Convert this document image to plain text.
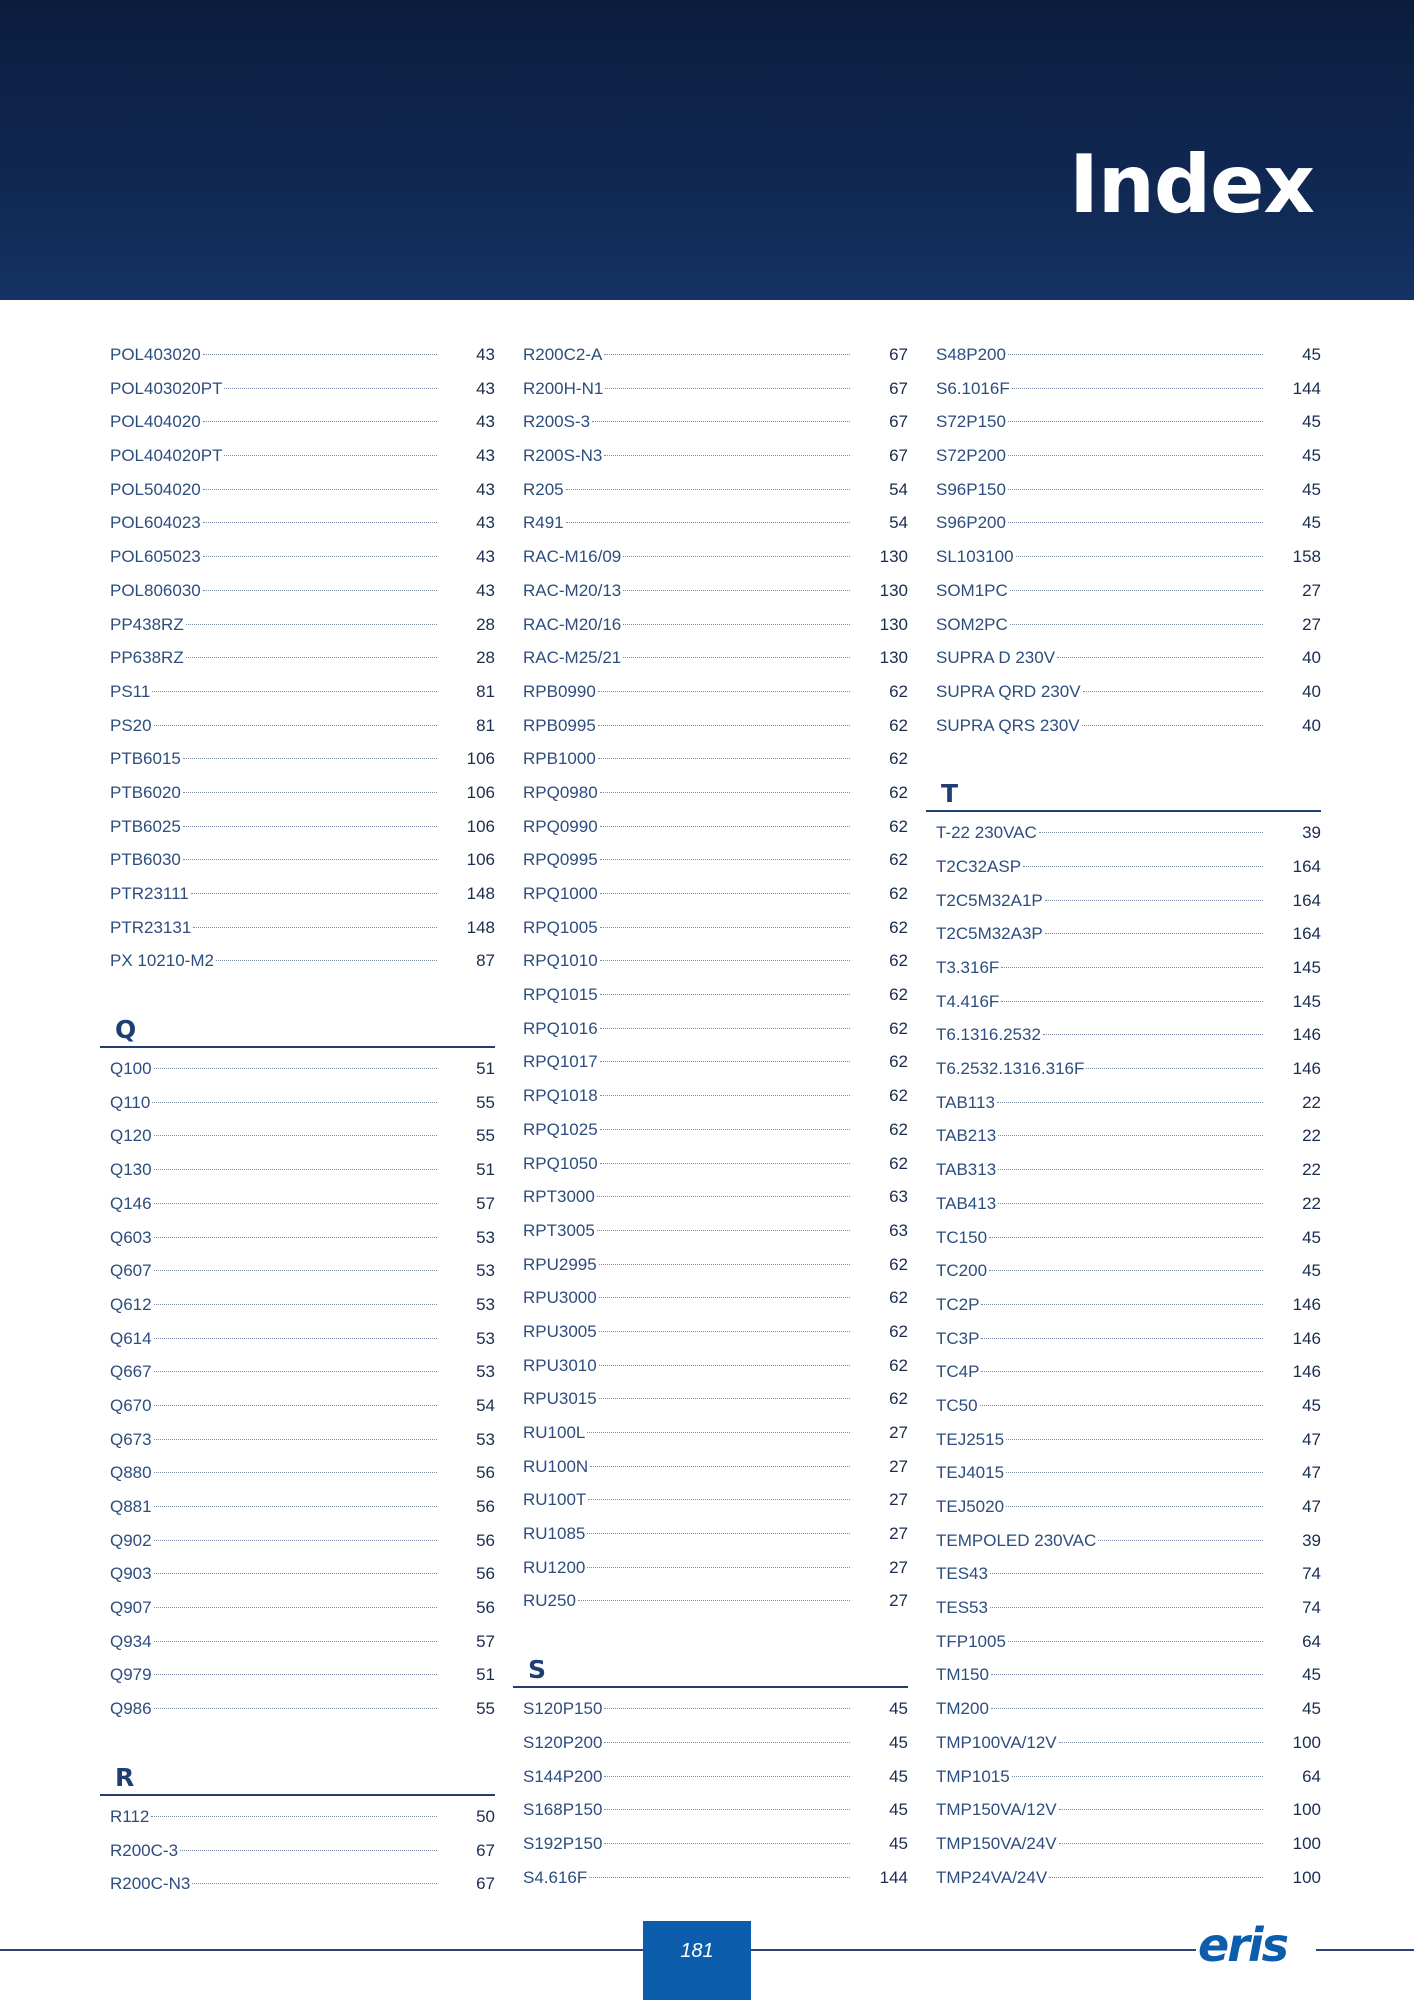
Index
POL403020	43
POL403020PT	43
POL404020	43
POL404020PT	43
POL504020	43
POL604023	43
POL605023	43
POL806030	43
PP438RZ	28
PP638RZ	28
PS11	81
PS20	81
PTB6015	106
PTB6020	106
PTB6025	106
PTB6030	106
PTR23111	148
PTR23131	148
PX 10210-M2	87
Q
Q100	51
Q110	55
Q120	55
Q130	51
Q146	57
Q603	53
Q607	53
Q612	53
Q614	53
Q667	53
Q670	54
Q673	53
Q880	56
Q881	56
Q902	56
Q903	56
Q907	56
Q934	57
Q979	51
Q986	55
R
R112	50
R200C-3	67
R200C-N3	67
R200C2-A	67
R200H-N1	67
R200S-3	67
R200S-N3	67
R205	54
R491	54
RAC-M16/09	130
RAC-M20/13	130
RAC-M20/16	130
RAC-M25/21	130
RPB0990	62
RPB0995	62
RPB1000	62
RPQ0980	62
RPQ0990	62
RPQ0995	62
RPQ1000	62
RPQ1005	62
RPQ1010	62
RPQ1015	62
RPQ1016	62
RPQ1017	62
RPQ1018	62
RPQ1025	62
RPQ1050	62
RPT3000	63
RPT3005	63
RPU2995	62
RPU3000	62
RPU3005	62
RPU3010	62
RPU3015	62
RU100L	27
RU100N	27
RU100T	27
RU1085	27
RU1200	27
RU250	27
S
S120P150	45
S120P200	45
S144P200	45
S168P150	45
S192P150	45
S4.616F	144
S48P200	45
S6.1016F	144
S72P150	45
S72P200	45
S96P150	45
S96P200	45
SL103100	158
SOM1PC	27
SOM2PC	27
SUPRA D 230V	40
SUPRA QRD 230V	40
SUPRA QRS 230V	40
T
T-22 230VAC	39
T2C32ASP	164
T2C5M32A1P	164
T2C5M32A3P	164
T3.316F	145
T4.416F	145
T6.1316.2532	146
T6.2532.1316.316F	146
TAB113	22
TAB213	22
TAB313	22
TAB413	22
TC150	45
TC200	45
TC2P	146
TC3P	146
TC4P	146
TC50	45
TEJ2515	47
TEJ4015	47
TEJ5020	47
TEMPOLED 230VAC	39
TES43	74
TES53	74
TFP1005	64
TM150	45
TM200	45
TMP100VA/12V	100
TMP1015	64
TMP150VA/12V	100
TMP150VA/24V	100
TMP24VA/24V	100
181	eris
